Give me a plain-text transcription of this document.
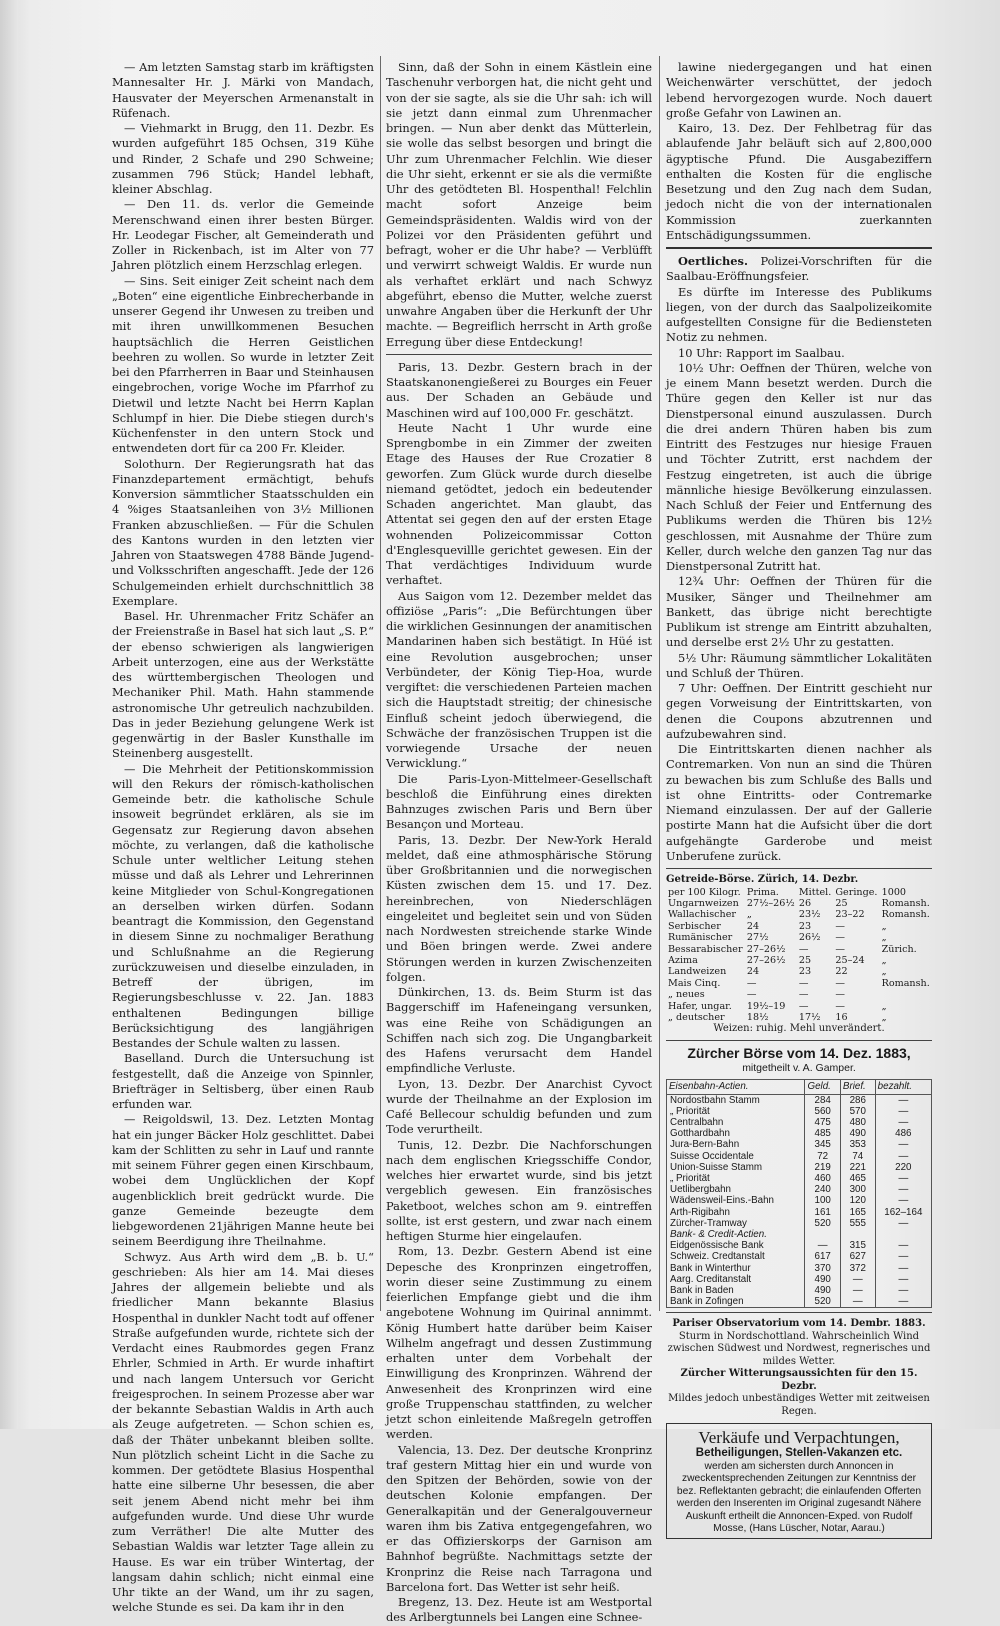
— Am letzten Samstag starb im kräftigsten Mannesalter Hr. J. Märki von Mandach, Hausvater der Meyerschen Armenanstalt in Rüfenach.

— Viehmarkt in Brugg, den 11. Dezbr. Es wurden aufgeführt 185 Ochsen, 319 Kühe und Rinder, 2 Schafe und 290 Schweine; zusammen 796 Stück; Handel lebhaft, kleiner Abschlag.

— Den 11. ds. verlor die Gemeinde Merenschwand einen ihrer besten Bürger. Hr. Leodegar Fischer, alt Gemeinderath und Zoller in Rickenbach, ist im Alter von 77 Jahren plötzlich einem Herzschlag erlegen.

— Sins. Seit einiger Zeit scheint nach dem „Boten“ eine eigentliche Einbrecherbande in unserer Gegend ihr Unwesen zu treiben und mit ihren unwillkommenen Besuchen hauptsächlich die Herren Geistlichen beehren zu wollen. So wurde in letzter Zeit bei den Pfarrherren in Baar und Steinhausen eingebrochen, vorige Woche im Pfarrhof zu Dietwil und letzte Nacht bei Herrn Kaplan Schlumpf in hier. Die Diebe stiegen durch's Küchenfenster in den untern Stock und entwendeten dort für ca 200 Fr. Kleider.

Solothurn. Der Regierungsrath hat das Finanzdepartement ermächtigt, behufs Konversion sämmtlicher Staatsschulden ein 4 %iges Staatsanleihen von 3½ Millionen Franken abzuschließen. — Für die Schulen des Kantons wurden in den letzten vier Jahren von Staatswegen 4788 Bände Jugend- und Volksschriften angeschafft. Jede der 126 Schulgemeinden erhielt durchschnittlich 38 Exemplare.

Basel. Hr. Uhrenmacher Fritz Schäfer an der Freienstraße in Basel hat sich laut „S. P.“ der ebenso schwierigen als langwierigen Arbeit unterzogen, eine aus der Werkstätte des württembergischen Theologen und Mechaniker Phil. Math. Hahn stammende astronomische Uhr getreulich nachzubilden. Das in jeder Beziehung gelungene Werk ist gegenwärtig in der Basler Kunsthalle im Steinenberg ausgestellt.

— Die Mehrheit der Petitionskommission will den Rekurs der römisch-katholischen Gemeinde betr. die katholische Schule insoweit begründet erklären, als sie im Gegensatz zur Regierung davon absehen möchte, zu verlangen, daß die katholische Schule unter weltlicher Leitung stehen müsse und daß als Lehrer und Lehrerinnen keine Mitglieder von Schul-Kongregationen an derselben wirken dürfen. Sodann beantragt die Kommission, den Gegenstand in diesem Sinne zu nochmaliger Berathung und Schlußnahme an die Regierung zurückzuweisen und dieselbe einzuladen, in Betreff der übrigen, im Regierungsbeschlusse v. 22. Jan. 1883 enthaltenen Bedingungen billige Berücksichtigung des langjährigen Bestandes der Schule walten zu lassen.

Baselland. Durch die Untersuchung ist festgestellt, daß die Anzeige von Spinnler, Briefträger in Seltisberg, über einen Raub erfunden war.

— Reigoldswil, 13. Dez. Letzten Montag hat ein junger Bäcker Holz geschlittet. Dabei kam der Schlitten zu sehr in Lauf und rannte mit seinem Führer gegen einen Kirschbaum, wobei dem Unglücklichen der Kopf augenblicklich breit gedrückt wurde. Die ganze Gemeinde bezeugte dem liebgewordenen 21jährigen Manne heute bei seinem Beerdigung ihre Theilnahme.

Schwyz. Aus Arth wird dem „B. b. U.“ geschrieben: Als hier am 14. Mai dieses Jahres der allgemein beliebte und als friedlicher Mann bekannte Blasius Hospenthal in dunkler Nacht todt auf offener Straße aufgefunden wurde, richtete sich der Verdacht eines Raubmordes gegen Franz Ehrler, Schmied in Arth. Er wurde inhaftirt und nach langem Untersuch vor Gericht freigesprochen. In seinem Prozesse aber war der bekannte Sebastian Waldis in Arth auch als Zeuge aufgetreten. — Schon schien es, daß der Thäter unbekannt bleiben sollte. Nun plötzlich scheint Licht in die Sache zu kommen. Der getödtete Blasius Hospenthal hatte eine silberne Uhr besessen, die aber seit jenem Abend nicht mehr bei ihm aufgefunden wurde. Und diese Uhr wurde zum Verräther! Die alte Mutter des Sebastian Waldis war letzter Tage allein zu Hause. Es war ein trüber Wintertag, der langsam dahin schlich; nicht einmal eine Uhr tikte an der Wand, um ihr zu sagen, welche Stunde es sei. Da kam ihr in den

Sinn, daß der Sohn in einem Kästlein eine Taschenuhr verborgen hat, die nicht geht und von der sie sagte, als sie die Uhr sah: ich will sie jetzt dann einmal zum Uhrenmacher bringen. — Nun aber denkt das Mütterlein, sie wolle das selbst besorgen und bringt die Uhr zum Uhrenmacher Felchlin. Wie dieser die Uhr sieht, erkennt er sie als die vermißte Uhr des getödteten Bl. Hospenthal! Felchlin macht sofort Anzeige beim Gemeindspräsidenten. Waldis wird von der Polizei vor den Präsidenten geführt und befragt, woher er die Uhr habe? — Verblüfft und verwirrt schweigt Waldis. Er wurde nun als verhaftet erklärt und nach Schwyz abgeführt, ebenso die Mutter, welche zuerst unwahre Angaben über die Herkunft der Uhr machte. — Begreiflich herrscht in Arth große Erregung über diese Entdeckung!

Paris, 13. Dezbr. Gestern brach in der Staatskanonengießerei zu Bourges ein Feuer aus. Der Schaden an Gebäude und Maschinen wird auf 100,000 Fr. geschätzt.

Heute Nacht 1 Uhr wurde eine Sprengbombe in ein Zimmer der zweiten Etage des Hauses der Rue Crozatier 8 geworfen. Zum Glück wurde durch dieselbe niemand getödtet, jedoch ein bedeutender Schaden angerichtet. Man glaubt, das Attentat sei gegen den auf der ersten Etage wohnenden Polizeicommissar Cotton d'Englesquevillle gerichtet gewesen. Ein der That verdächtiges Individuum wurde verhaftet.

Aus Saigon vom 12. Dezember meldet das offiziöse „Paris“: „Die Befürchtungen über die wirklichen Gesinnungen der anamitischen Mandarinen haben sich bestätigt. In Hüé ist eine Revolution ausgebrochen; unser Verbündeter, der König Tiep-Hoa, wurde vergiftet: die verschiedenen Parteien machen sich die Hauptstadt streitig; der chinesische Einfluß scheint jedoch überwiegend, die Schwäche der französischen Truppen ist die vorwiegende Ursache der neuen Verwicklung.“

Die Paris-Lyon-Mittelmeer-Gesellschaft beschloß die Einführung eines direkten Bahnzuges zwischen Paris und Bern über Besançon und Morteau.

Paris, 13. Dezbr. Der New-York Herald meldet, daß eine athmosphärische Störung über Großbritannien und die norwegischen Küsten zwischen dem 15. und 17. Dez. hereinbrechen, von Niederschlägen eingeleitet und begleitet sein und von Süden nach Nordwesten streichende starke Winde und Böen bringen werde. Zwei andere Störungen werden in kurzen Zwischenzeiten folgen.

Dünkirchen, 13. ds. Beim Sturm ist das Baggerschiff im Hafeneingang versunken, was eine Reihe von Schädigungen an Schiffen nach sich zog. Die Ungangbarkeit des Hafens verursacht dem Handel empfindliche Verluste.

Lyon, 13. Dezbr. Der Anarchist Cyvoct wurde der Theilnahme an der Explosion im Café Bellecour schuldig befunden und zum Tode verurtheilt.

Tunis, 12. Dezbr. Die Nachforschungen nach dem englischen Kriegsschiffe Condor, welches hier erwartet wurde, sind bis jetzt vergeblich gewesen. Ein französisches Paketboot, welches schon am 9. eintreffen sollte, ist erst gestern, und zwar nach einem heftigen Sturme hier eingelaufen.

Rom, 13. Dezbr. Gestern Abend ist eine Depesche des Kronprinzen eingetroffen, worin dieser seine Zustimmung zu einem feierlichen Empfange giebt und die ihm angebotene Wohnung im Quirinal annimmt. König Humbert hatte darüber beim Kaiser Wilhelm angefragt und dessen Zustimmung erhalten unter dem Vorbehalt der Einwilligung des Kronprinzen. Während der Anwesenheit des Kronprinzen wird eine große Truppenschau stattfinden, zu welcher jetzt schon einleitende Maßregeln getroffen werden.

Valencia, 13. Dez. Der deutsche Kronprinz traf gestern Mittag hier ein und wurde von den Spitzen der Behörden, sowie von der deutschen Kolonie empfangen. Der Generalkapitän und der Generalgouverneur waren ihm bis Zativa entgegengefahren, wo er das Offizierskorps der Garnison am Bahnhof begrüßte. Nachmittags setzte der Kronprinz die Reise nach Tarragona und Barcelona fort. Das Wetter ist sehr heiß.

Bregenz, 13. Dez. Heute ist am Westportal des Arlbergtunnels bei Langen eine Schnee-

lawine niedergegangen und hat einen Weichenwärter verschüttet, der jedoch lebend hervorgezogen wurde. Noch dauert große Gefahr von Lawinen an.

Kairo, 13. Dez. Der Fehlbetrag für das ablaufende Jahr beläuft sich auf 2,800,000 ägyptische Pfund. Die Ausgabeziffern enthalten die Kosten für die englische Besetzung und den Zug nach dem Sudan, jedoch nicht die von der internationalen Kommission zuerkannten Entschädigungssummen.

Oertliches. Polizei-Vorschriften für die Saalbau-Eröffnungsfeier.

Es dürfte im Interesse des Publikums liegen, von der durch das Saalpolizeikomite aufgestellten Consigne für die Bediensteten Notiz zu nehmen.

10 Uhr: Rapport im Saalbau.

10½ Uhr: Oeffnen der Thüren, welche von je einem Mann besetzt werden. Durch die Thüre gegen den Keller ist nur das Dienstpersonal einund auszulassen. Durch die drei andern Thüren haben bis zum Eintritt des Festzuges nur hiesige Frauen und Töchter Zutritt, erst nachdem der Festzug eingetreten, ist auch die übrige männliche hiesige Bevölkerung einzulassen. Nach Schluß der Feier und Entfernung des Publikums werden die Thüren bis 12½ geschlossen, mit Ausnahme der Thüre zum Keller, durch welche den ganzen Tag nur das Dienstpersonal Zutritt hat.

12¾ Uhr: Oeffnen der Thüren für die Musiker, Sänger und Theilnehmer am Bankett, das übrige nicht berechtigte Publikum ist strenge am Eintritt abzuhalten, und derselbe erst 2½ Uhr zu gestatten.

5½ Uhr: Räumung sämmtlicher Lokalitäten und Schluß der Thüren.

7 Uhr: Oeffnen. Der Eintritt geschieht nur gegen Vorweisung der Eintrittskarten, von denen die Coupons abzutrennen und aufzubewahren sind.

Die Eintrittskarten dienen nachher als Contremarken. Von nun an sind die Thüren zu bewachen bis zum Schluße des Balls und ist ohne Eintritts- oder Contremarke Niemand einzulassen. Der auf der Gallerie postirte Mann hat die Aufsicht über die dort aufgehängte Garderobe und meist Unberufene zurück.

Getreide-Börse. Zürich, 14. Dezbr.
per 100 Kilogr.	Prima.	Mittel.	Geringe.	1000
Ungarnweizen	27½–26½	26	25	Romansh.
Wallachischer	„	23½	23–22	Romansh.
Serbischer	24	23	—	„
Rumänischer	27½	26½	—	„
Bessarabischer	27–26½	—	—	Zürich.
Azima	27–26½	25	25–24	„
Landweizen	24	23	22	„
Mais Cinq.	—	—	—	Romansh.
„ neues	—	—	—	
Hafer, ungar.	19½–19	—	—	„
„ deutscher	18½	17½	16	„
Weizen: ruhig. Mehl unverändert.
Zürcher Börse vom 14. Dez. 1883,
mitgetheilt v. A. Gamper.
Eisenbahn-Actien.	Geld.	Brief.	bezahlt.
Nordostbahn Stamm	284	286	—
„ Priorität	560	570	—
Centralbahn	475	480	—
Gotthardbahn	485	490	486
Jura-Bern-Bahn	345	353	—
Suisse Occidentale	72	74	—
Union-Suisse Stamm	219	221	220
„ Priorität	460	465	—
Uetlibergbahn	240	300	—
Wädensweil-Eins.-Bahn	100	120	—
Arth-Rigibahn	161	165	162–164
Zürcher-Tramway	520	555	—
Bank- & Credit-Actien.			
Eidgenössische Bank	—	315	—
Schweiz. Credtanstalt	617	627	—
Bank in Winterthur	370	372	—
Aarg. Creditanstalt	490	—	—
Bank in Baden	490	—	—
Bank in Zofingen	520	—	—
Pariser Observatorium vom 14. Dembr. 1883.
Sturm in Nordschottland. Wahrscheinlich Wind zwischen Südwest und Nordwest, regnerisches und mildes Wetter.
Zürcher Witterungsaussichten für den 15. Dezbr.
Mildes jedoch unbeständiges Wetter mit zeitweisen Regen.
Verkäufe und Verpachtungen,
Betheiligungen, Stellen-Vakanzen etc.
werden am sichersten durch Annoncen in zweckentsprechenden Zeitungen zur Kenntniss der bez. Reflektanten gebracht; die einlaufenden Offerten werden den Inserenten im Original zugesandt Nähere Auskunft ertheilt die Annoncen-Exped. von Rudolf Mosse, (Hans Lüscher, Notar, Aarau.)
